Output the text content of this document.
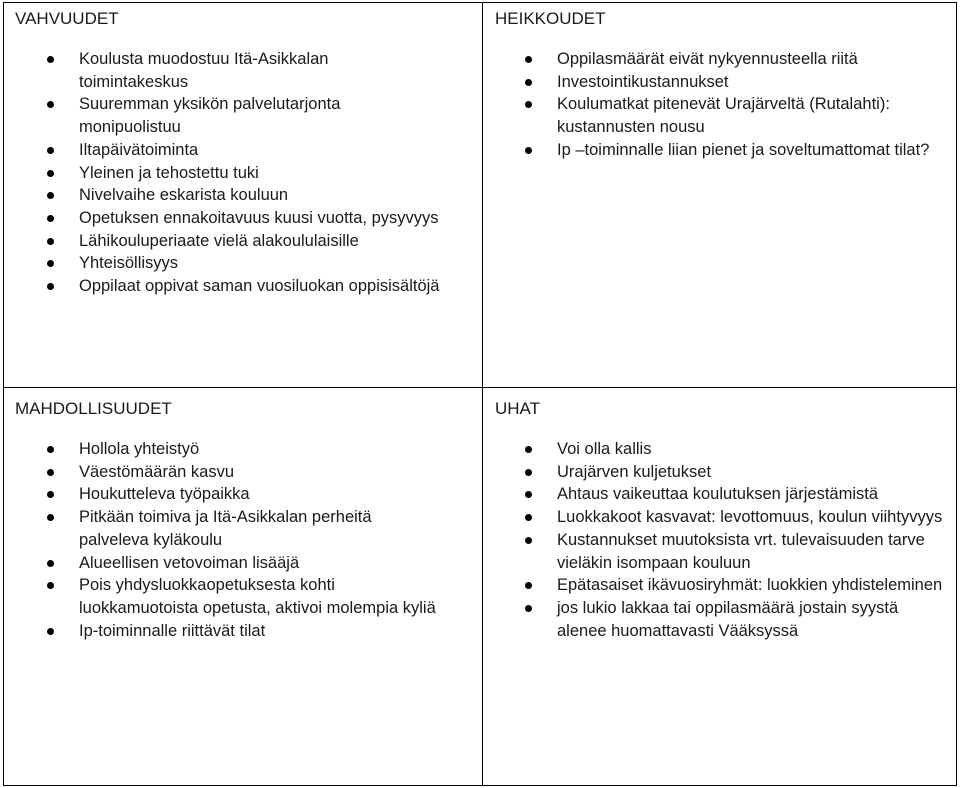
VAHVUUDET
Koulusta muodostuu Itä-Asikkalan toimintakeskus
Suuremman yksikön palvelutarjonta monipuolistuu
Iltapäivätoiminta
Yleinen ja tehostettu tuki
Nivelvaihe eskarista kouluun
Opetuksen ennakoitavuus kuusi vuotta, pysyvyys
Lähikouluperiaate vielä alakoululaisille
Yhteisöllisyys
Oppilaat oppivat saman vuosiluokan oppisisältöjä
HEIKKOUDET
Oppilasmäärät eivät nykyennusteella riitä
Investointikustannukset
Koulumatkat pitenevät Urajärveltä (Rutalahti): kustannusten nousu
Ip –toiminnalle liian pienet ja soveltumattomat tilat?
MAHDOLLISUUDET
Hollola yhteistyö
Väestömäärän kasvu
Houkutteleva työpaikka
Pitkään toimiva ja Itä-Asikkalan perheitä palveleva kyläkoulu
Alueellisen vetovoiman lisääjä
Pois yhdysluokkaopetuksesta kohti luokkamuotoista opetusta, aktivoi molempia kyliä
Ip-toiminnalle riittävät tilat
UHAT
Voi olla kallis
Urajärven kuljetukset
Ahtaus vaikeuttaa koulutuksen järjestämistä
Luokkakoot kasvavat: levottomuus, koulun viihtyvyys
Kustannukset muutoksista vrt. tulevaisuuden tarve vieläkin isompaan kouluun
Epätasaiset ikävuosiryhmät: luokkien yhdisteleminen
jos lukio lakkaa tai oppilasmäärä jostain syystä alenee huomattavasti Vääksyssä
